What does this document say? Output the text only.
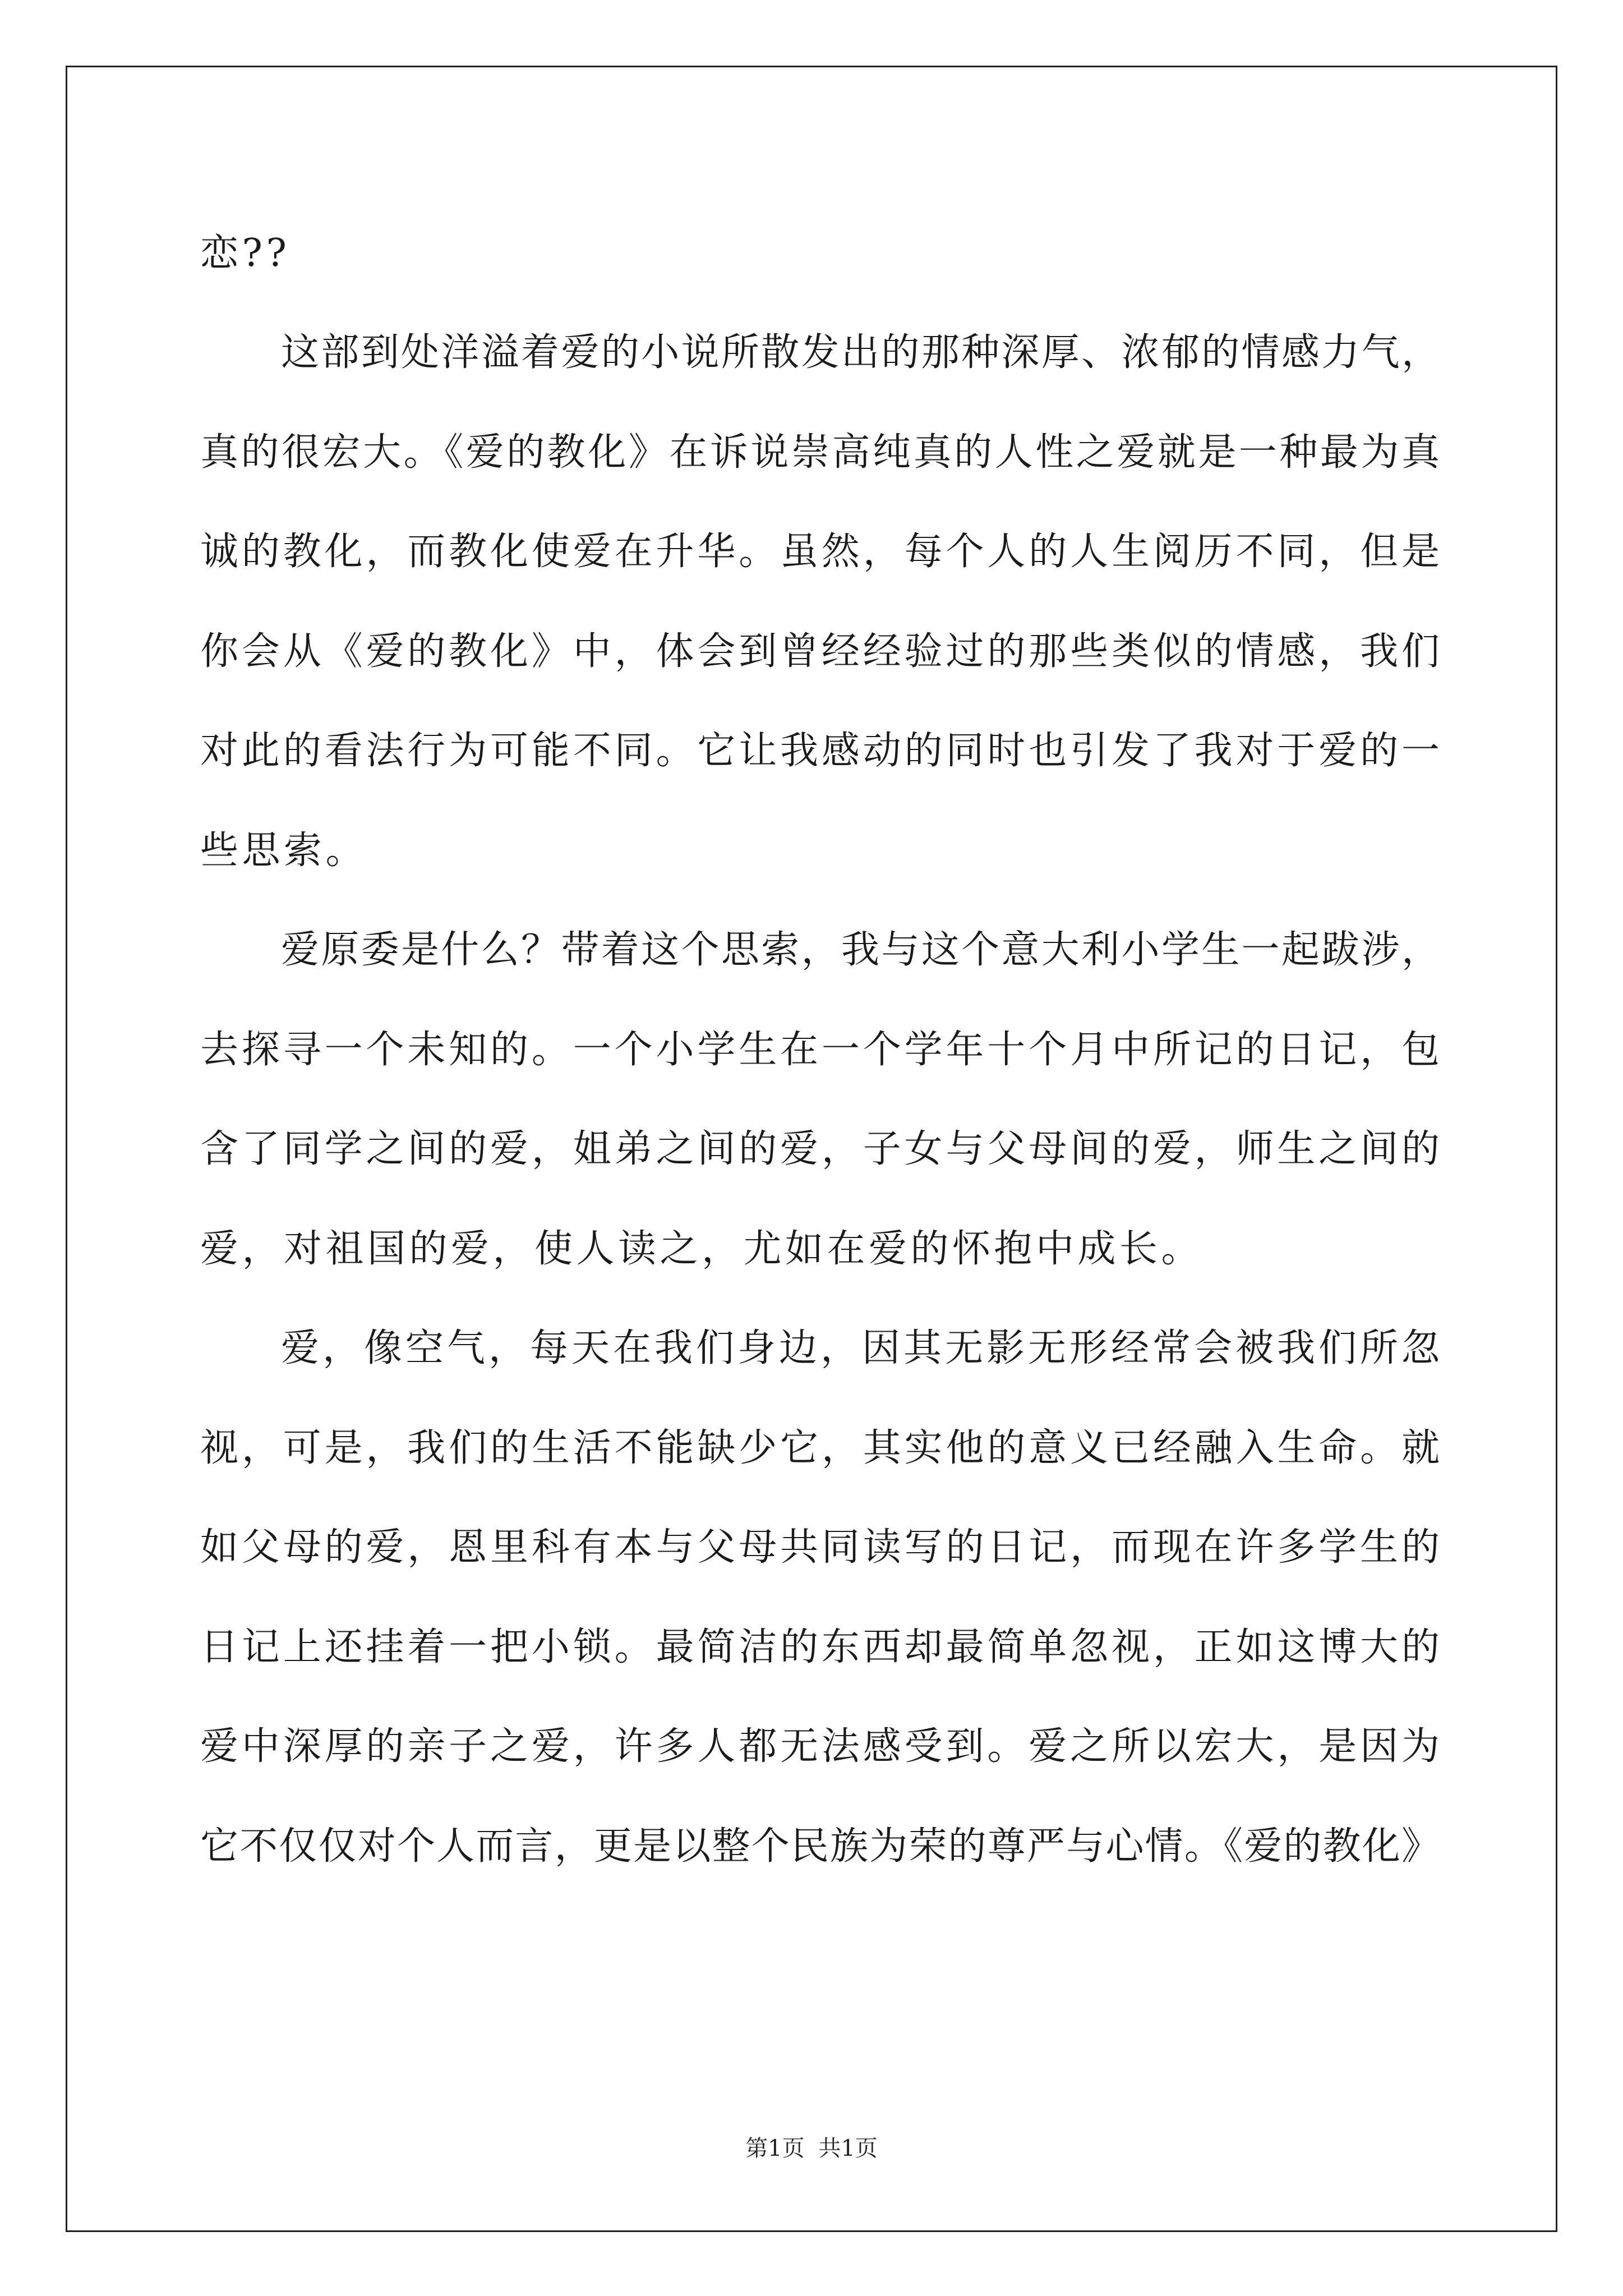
恋??
这部到处洋溢着爱的小说所散发出的那种深厚、浓郁的情感力气，
真的很宏大。《爱的教化》在诉说崇高纯真的人性之爱就是一种最为真
诚的教化，而教化使爱在升华。虽然，每个人的人生阅历不同，但是
你会从《爱的教化》中，体会到曾经经验过的那些类似的情感，我们
对此的看法行为可能不同。它让我感动的同时也引发了我对于爱的一
些思索。
爱原委是什么？带着这个思索，我与这个意大利小学生一起跋涉，
去探寻一个未知的。一个小学生在一个学年十个月中所记的日记，包
含了同学之间的爱，姐弟之间的爱，子女与父母间的爱，师生之间的
爱，对祖国的爱，使人读之，尤如在爱的怀抱中成长。
爱，像空气，每天在我们身边，因其无影无形经常会被我们所忽
视，可是，我们的生活不能缺少它，其实他的意义已经融入生命。就
如父母的爱，恩里科有本与父母共同读写的日记，而现在许多学生的
日记上还挂着一把小锁。最简洁的东西却最简单忽视，正如这博大的
爱中深厚的亲子之爱，许多人都无法感受到。爱之所以宏大，是因为
它不仅仅对个人而言，更是以整个民族为荣的尊严与心情。《爱的教化》
第1页 共1页
